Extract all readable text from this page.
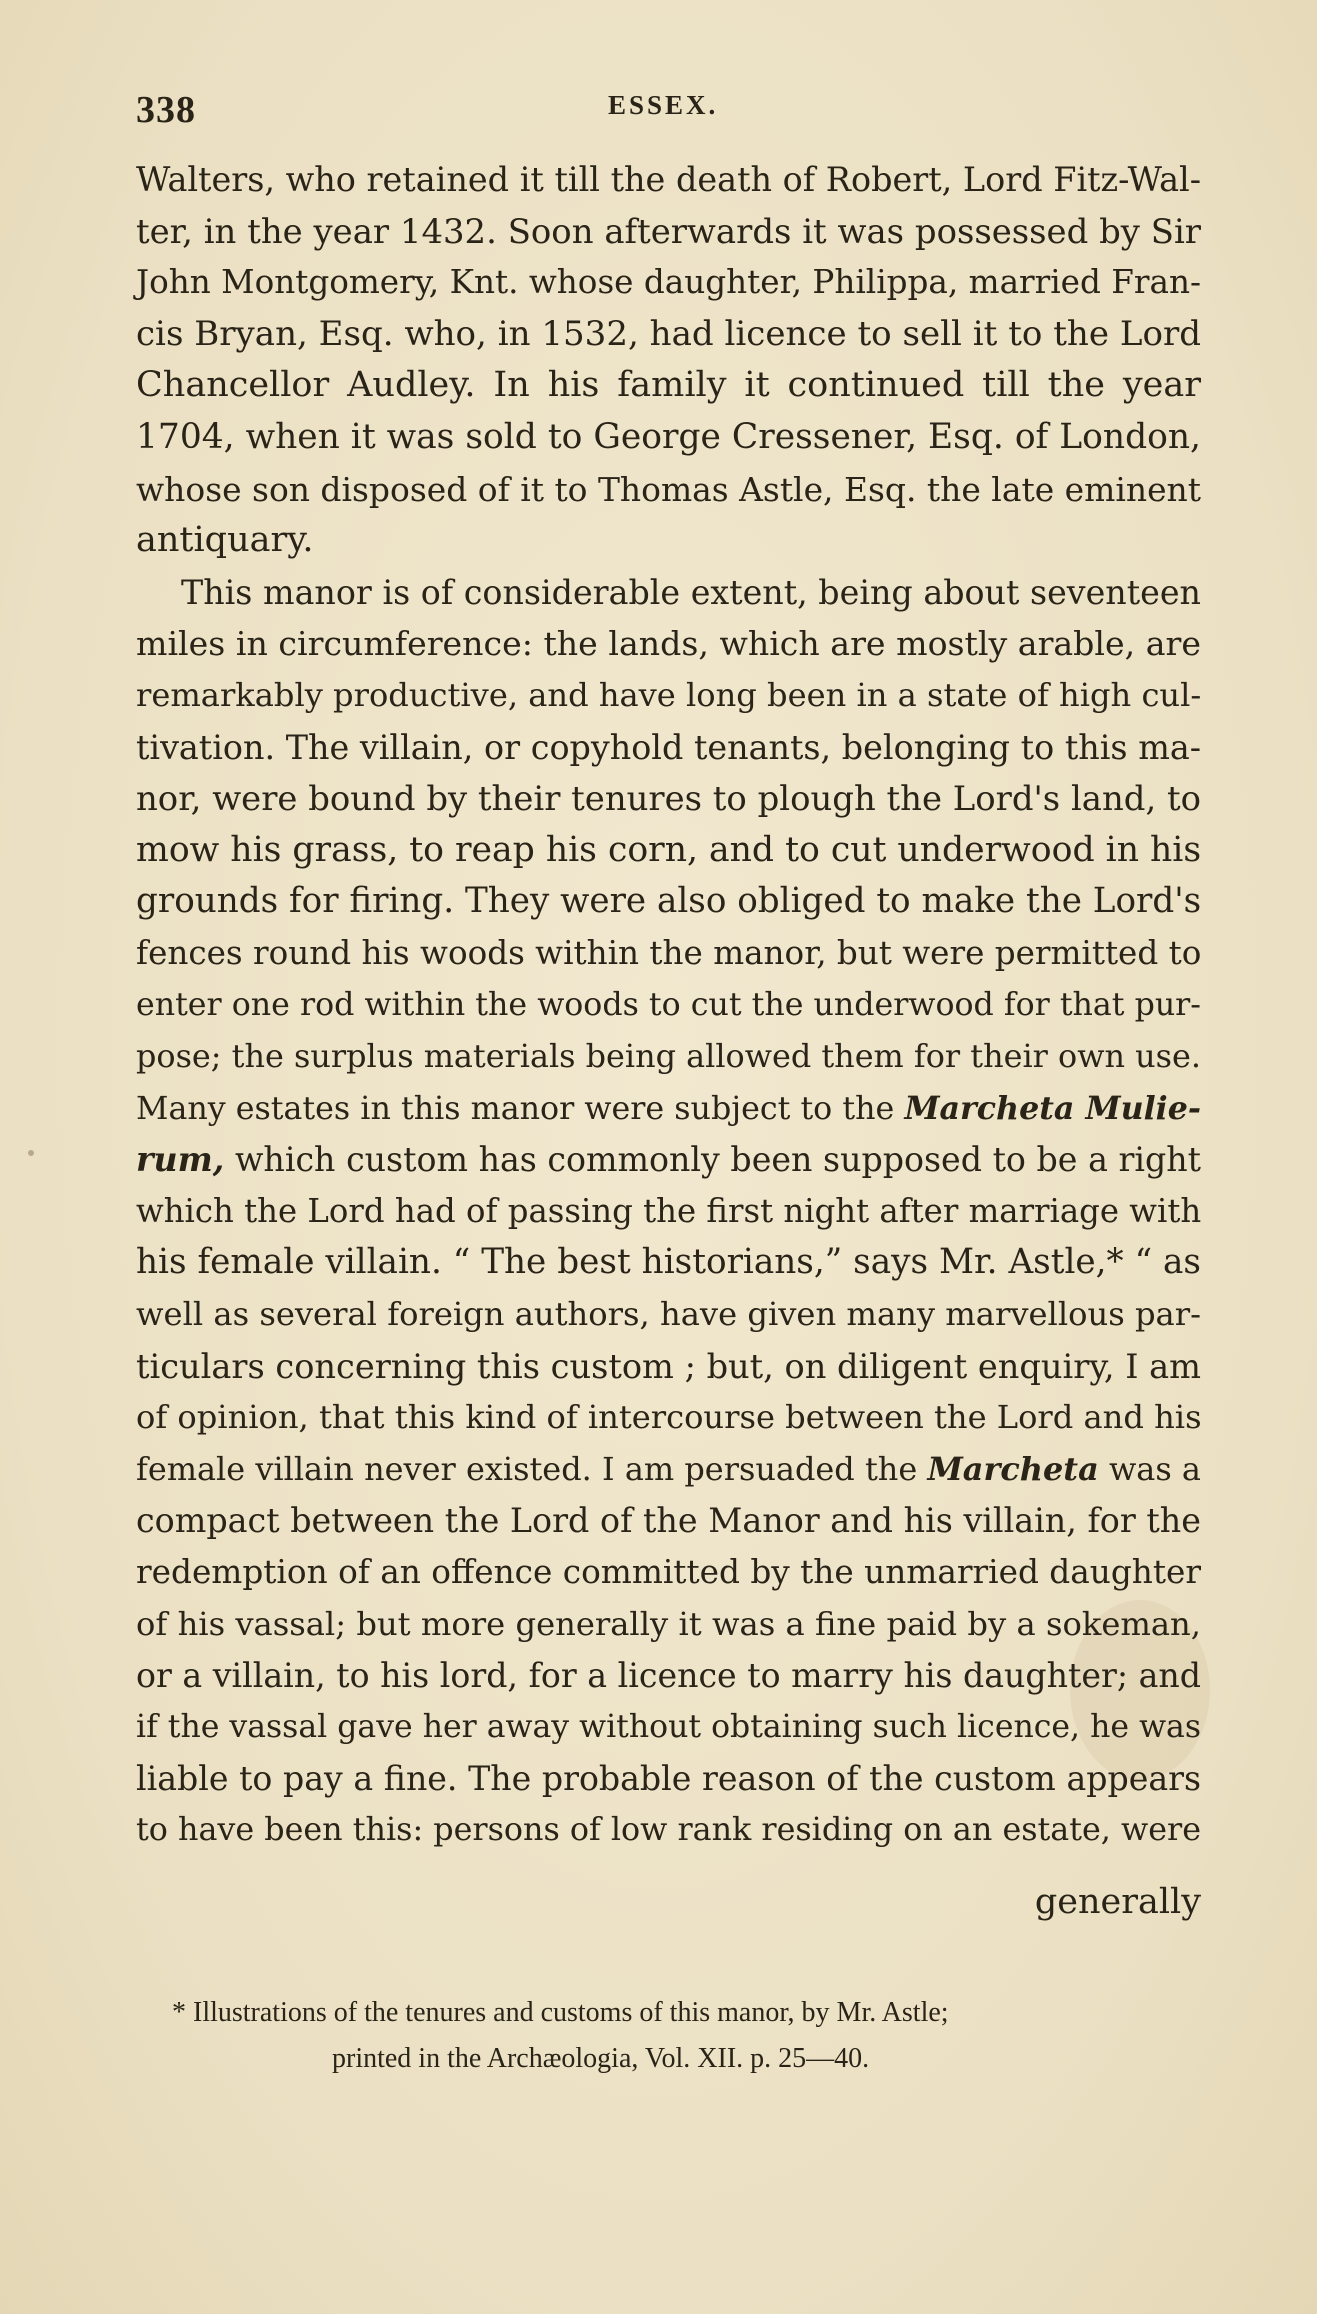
338	ESSEX.
Walters, who retained it till the death of Robert, Lord Fitz-Wal-
ter, in the year 1432. Soon afterwards it was possessed by Sir
John Montgomery, Knt. whose daughter, Philippa, married Fran-
cis Bryan, Esq. who, in 1532, had licence to sell it to the Lord
Chancellor Audley. In his family it continued till the year
1704, when it was sold to George Cressener, Esq. of London,
whose son disposed of it to Thomas Astle, Esq. the late eminent
antiquary.
This manor is of considerable extent, being about seventeen
miles in circumference: the lands, which are mostly arable, are
remarkably productive, and have long been in a state of high cul-
tivation. The villain, or copyhold tenants, belonging to this ma-
nor, were bound by their tenures to plough the Lord's land, to
mow his grass, to reap his corn, and to cut underwood in his
grounds for firing. They were also obliged to make the Lord's
fences round his woods within the manor, but were permitted to
enter one rod within the woods to cut the underwood for that pur-
pose; the surplus materials being allowed them for their own use.
Many estates in this manor were subject to the Marcheta Mulie-
rum, which custom has commonly been supposed to be a right
which the Lord had of passing the first night after marriage with
his female villain. “ The best historians,” says Mr. Astle,* “ as
well as several foreign authors, have given many marvellous par-
ticulars concerning this custom ; but, on diligent enquiry, I am
of opinion, that this kind of intercourse between the Lord and his
female villain never existed. I am persuaded the Marcheta was a
compact between the Lord of the Manor and his villain, for the
redemption of an offence committed by the unmarried daughter
of his vassal; but more generally it was a fine paid by a sokeman,
or a villain, to his lord, for a licence to marry his daughter; and
if the vassal gave her away without obtaining such licence, he was
liable to pay a fine. The probable reason of the custom appears
to have been this: persons of low rank residing on an estate, were
generally
* Illustrations of the tenures and customs of this manor, by Mr. Astle;
printed in the Archæologia, Vol. XII. p. 25—40.
